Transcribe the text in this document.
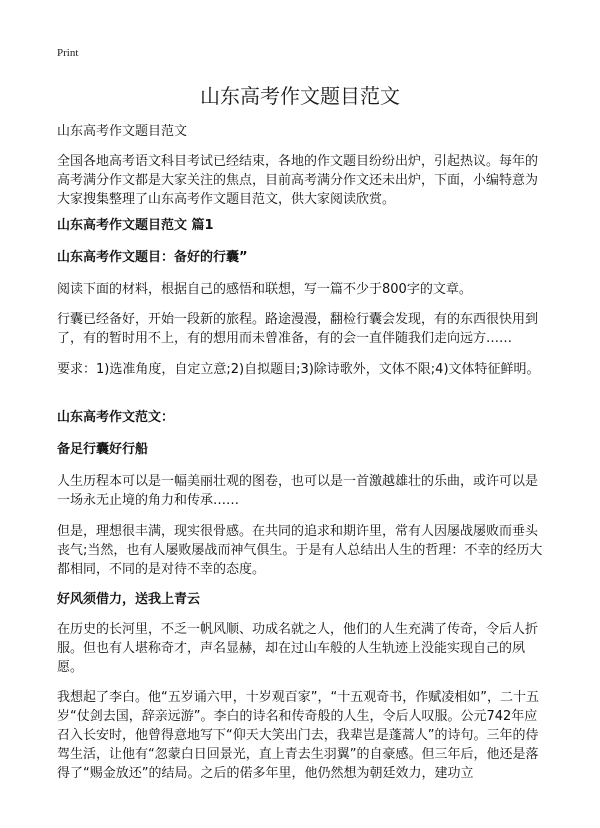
Print
山东高考作文题目范文

山东高考作文题目范文

全国各地高考语文科目考试已经结束，各地的作文题目纷纷出炉，引起热议。每年的高考满分作文都是大家关注的焦点，目前高考满分作文还未出炉，下面，小编特意为大家搜集整理了山东高考作文题目范文，供大家阅读欣赏。

山东高考作文题目范文 篇1

山东高考作文题目：备好的行囊”

阅读下面的材料，根据自己的感悟和联想，写一篇不少于800字的文章。

行囊已经备好，开始一段新的旅程。路途漫漫，翻检行囊会发现，有的东西很快用到了，有的暂时用不上，有的想用而未曾准备，有的会一直伴随我们走向远方……

要求：1)选准角度，自定立意;2)自拟题目;3)除诗歌外，文体不限;4)文体特征鲜明。

山东高考作文范文：

备足行囊好行船

人生历程本可以是一幅美丽壮观的图卷，也可以是一首激越雄壮的乐曲，或许可以是一场永无止境的角力和传承……

但是，理想很丰满，现实很骨感。在共同的追求和期许里，常有人因屡战屡败而垂头丧气;当然，也有人屡败屡战而神气俱生。于是有人总结出人生的哲理：不幸的经历大都相同，不同的是对待不幸的态度。

好风须借力，送我上青云

在历史的长河里，不乏一帆风顺、功成名就之人，他们的人生充满了传奇，令后人折服。但也有人堪称奇才，声名显赫，却在过山车般的人生轨迹上没能实现自己的夙愿。

我想起了李白。他“五岁诵六甲，十岁观百家”，“十五观奇书，作赋凌相如”，二十五岁“仗剑去国，辞亲远游”。李白的诗名和传奇般的人生，令后人叹服。公元742年应召入长安时，他曾得意地写下“仰天大笑出门去，我辈岂是蓬蒿人”的诗句。三年的侍驾生活，让他有“忽蒙白日回景光，直上青去生羽翼”的自豪感。但三年后，他还是落得了“赐金放还”的结局。之后的偌多年里，他仍然想为朝廷效力，建功立
